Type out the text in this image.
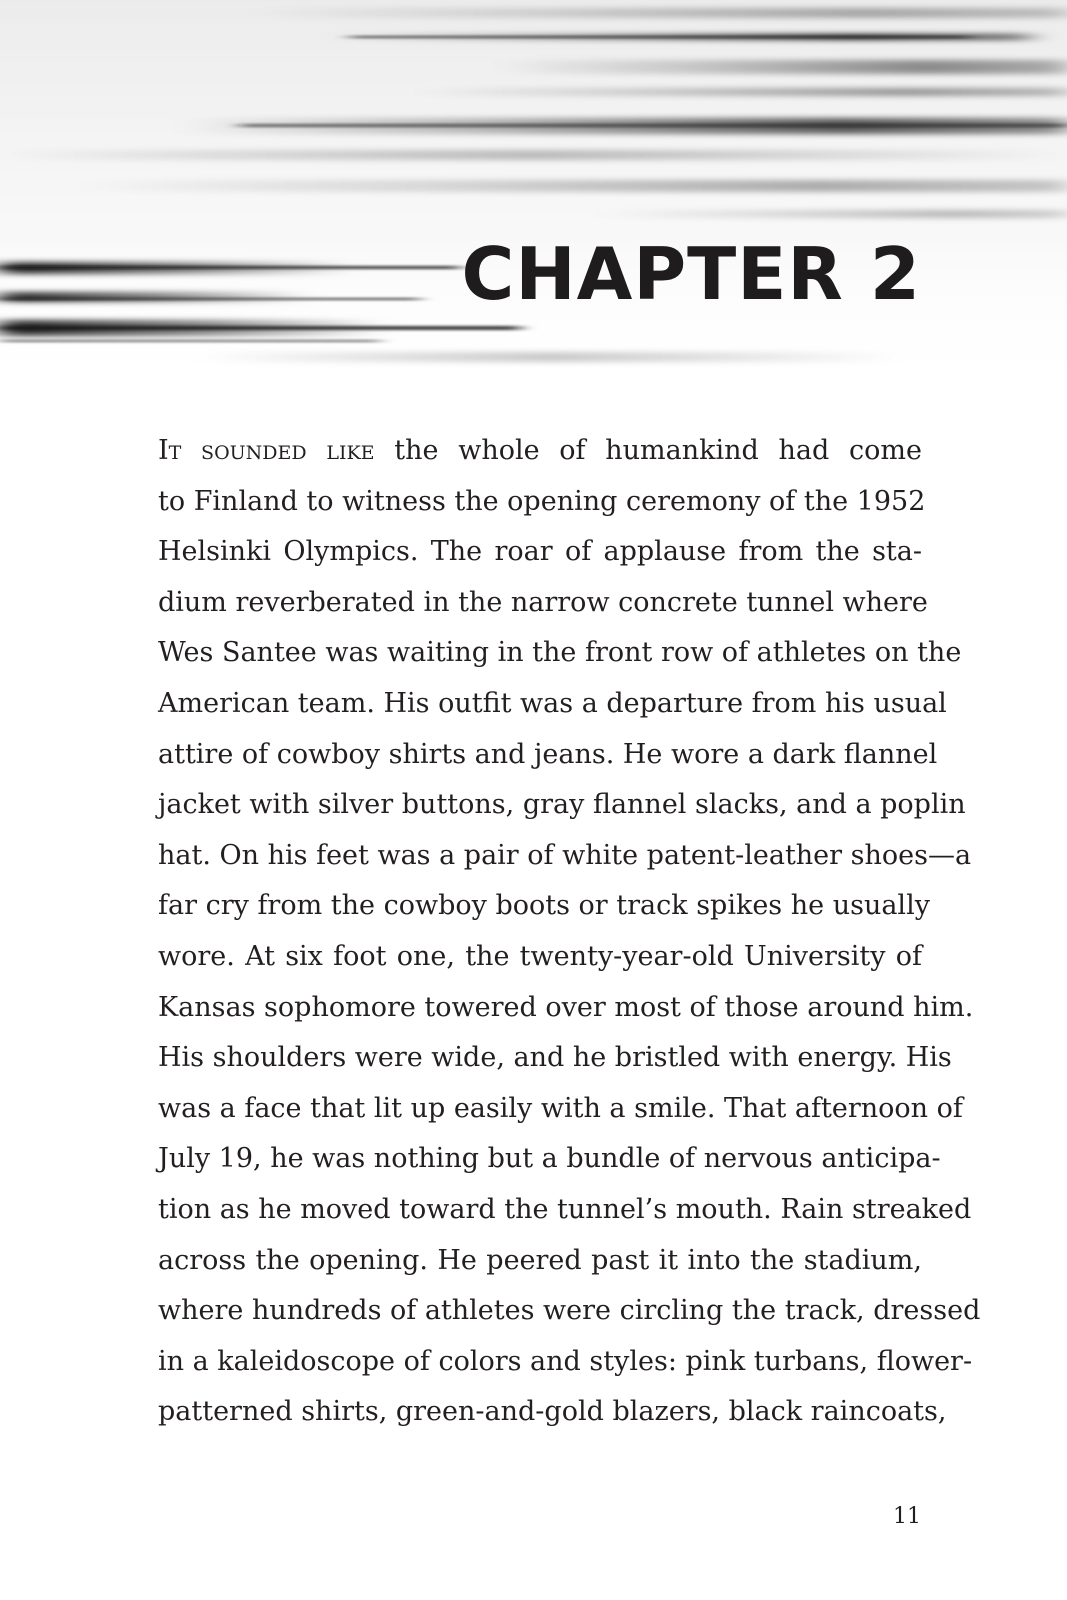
CHAPTER 2
It sounded like the whole of humankind had come
to Finland to witness the opening ceremony of the 1952
Helsinki Olympics. The roar of applause from the sta-
dium reverberated in the narrow concrete tunnel where
Wes Santee was waiting in the front row of athletes on the
American team. His outfit was a departure from his usual
attire of cowboy shirts and jeans. He wore a dark flannel
jacket with silver buttons, gray flannel slacks, and a poplin
hat. On his feet was a pair of white patent-leather shoes—a
far cry from the cowboy boots or track spikes he usually
wore. At six foot one, the twenty-year-old University of
Kansas sophomore towered over most of those around him.
His shoulders were wide, and he bristled with energy. His
was a face that lit up easily with a smile. That afternoon of
July 19, he was nothing but a bundle of nervous anticipa-
tion as he moved toward the tunnel’s mouth. Rain streaked
across the opening. He peered past it into the stadium,
where hundreds of athletes were circling the track, dressed
in a kaleidoscope of colors and styles: pink turbans, flower-
patterned shirts, green-and-gold blazers, black raincoats,
11
